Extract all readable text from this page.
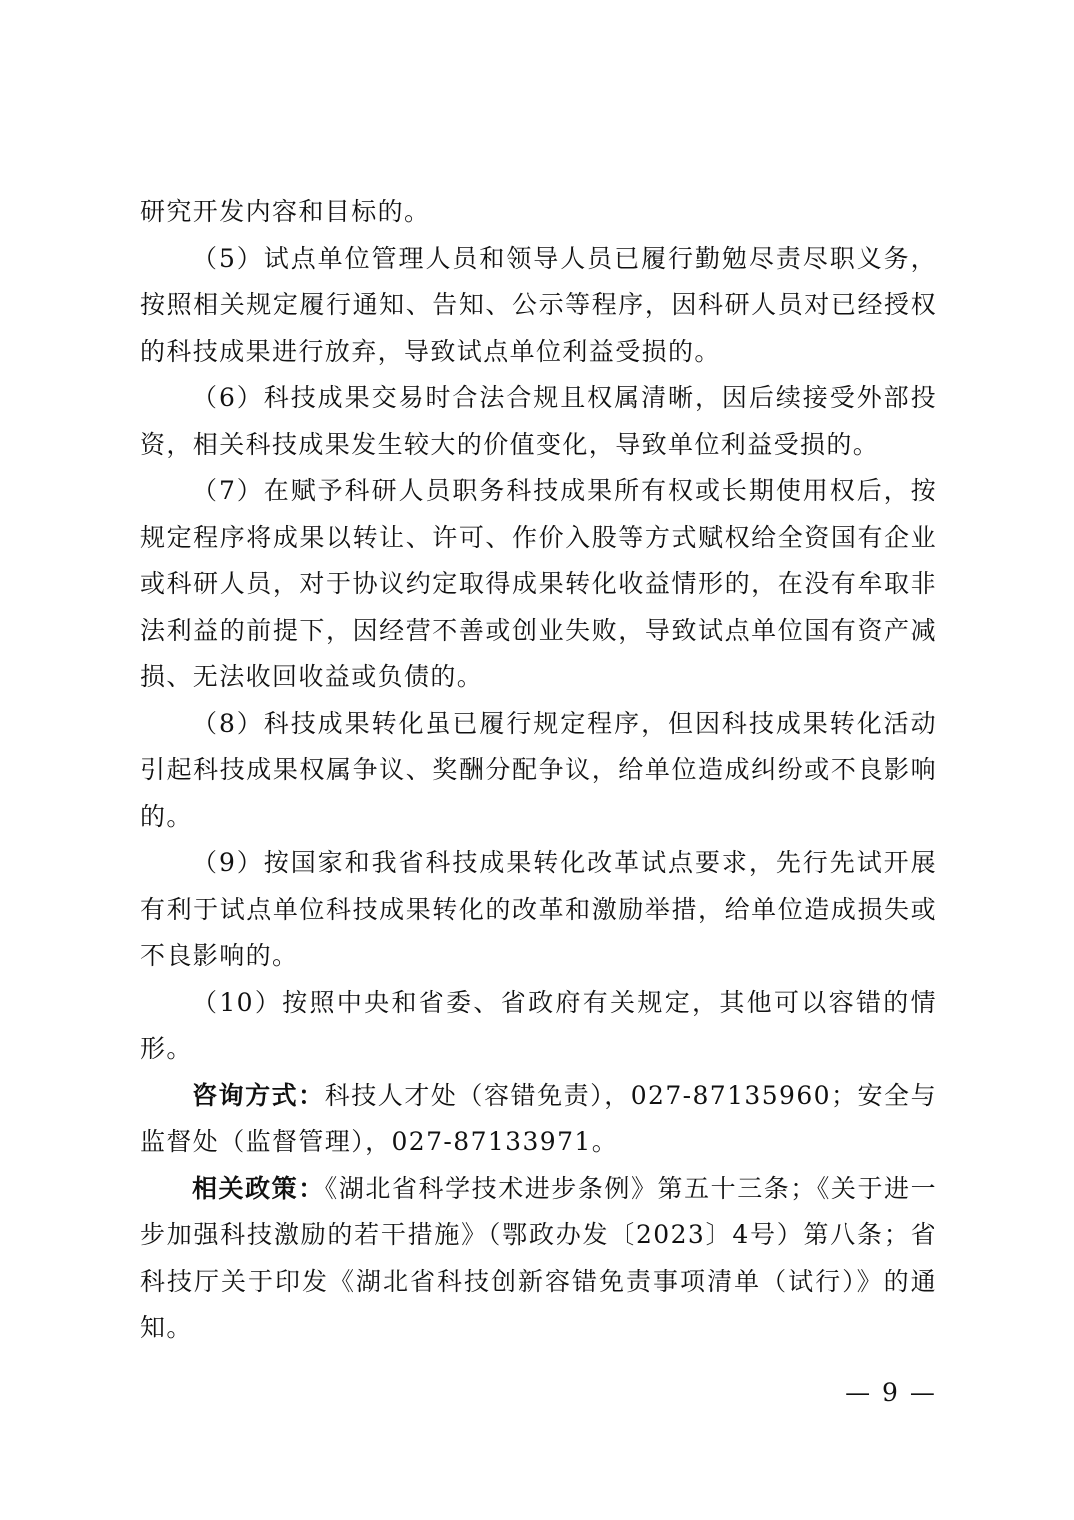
研究开发内容和目标的。

（5）试点单位管理人员和领导人员已履行勤勉尽责尽职义务，按照相关规定履行通知、告知、公示等程序，因科研人员对已经授权的科技成果进行放弃，导致试点单位利益受损的。

（6）科技成果交易时合法合规且权属清晰，因后续接受外部投资，相关科技成果发生较大的价值变化，导致单位利益受损的。

（7）在赋予科研人员职务科技成果所有权或长期使用权后，按规定程序将成果以转让、许可、作价入股等方式赋权给全资国有企业或科研人员，对于协议约定取得成果转化收益情形的，在没有牟取非法利益的前提下，因经营不善或创业失败，导致试点单位国有资产减损、无法收回收益或负债的。

（8）科技成果转化虽已履行规定程序，但因科技成果转化活动引起科技成果权属争议、奖酬分配争议，给单位造成纠纷或不良影响的。

（9）按国家和我省科技成果转化改革试点要求，先行先试开展有利于试点单位科技成果转化的改革和激励举措，给单位造成损失或不良影响的。

（10）按照中央和省委、省政府有关规定，其他可以容错的情形。

咨询方式：科技人才处（容错免责），027-87135960；安全与监督处（监督管理），027-87133971。

相关政策：《湖北省科学技术进步条例》第五十三条；《关于进一步加强科技激励的若干措施》（鄂政办发〔2023〕4号）第八条；省科技厅关于印发《湖北省科技创新容错免责事项清单（试行）》的通知。

— 9 —
